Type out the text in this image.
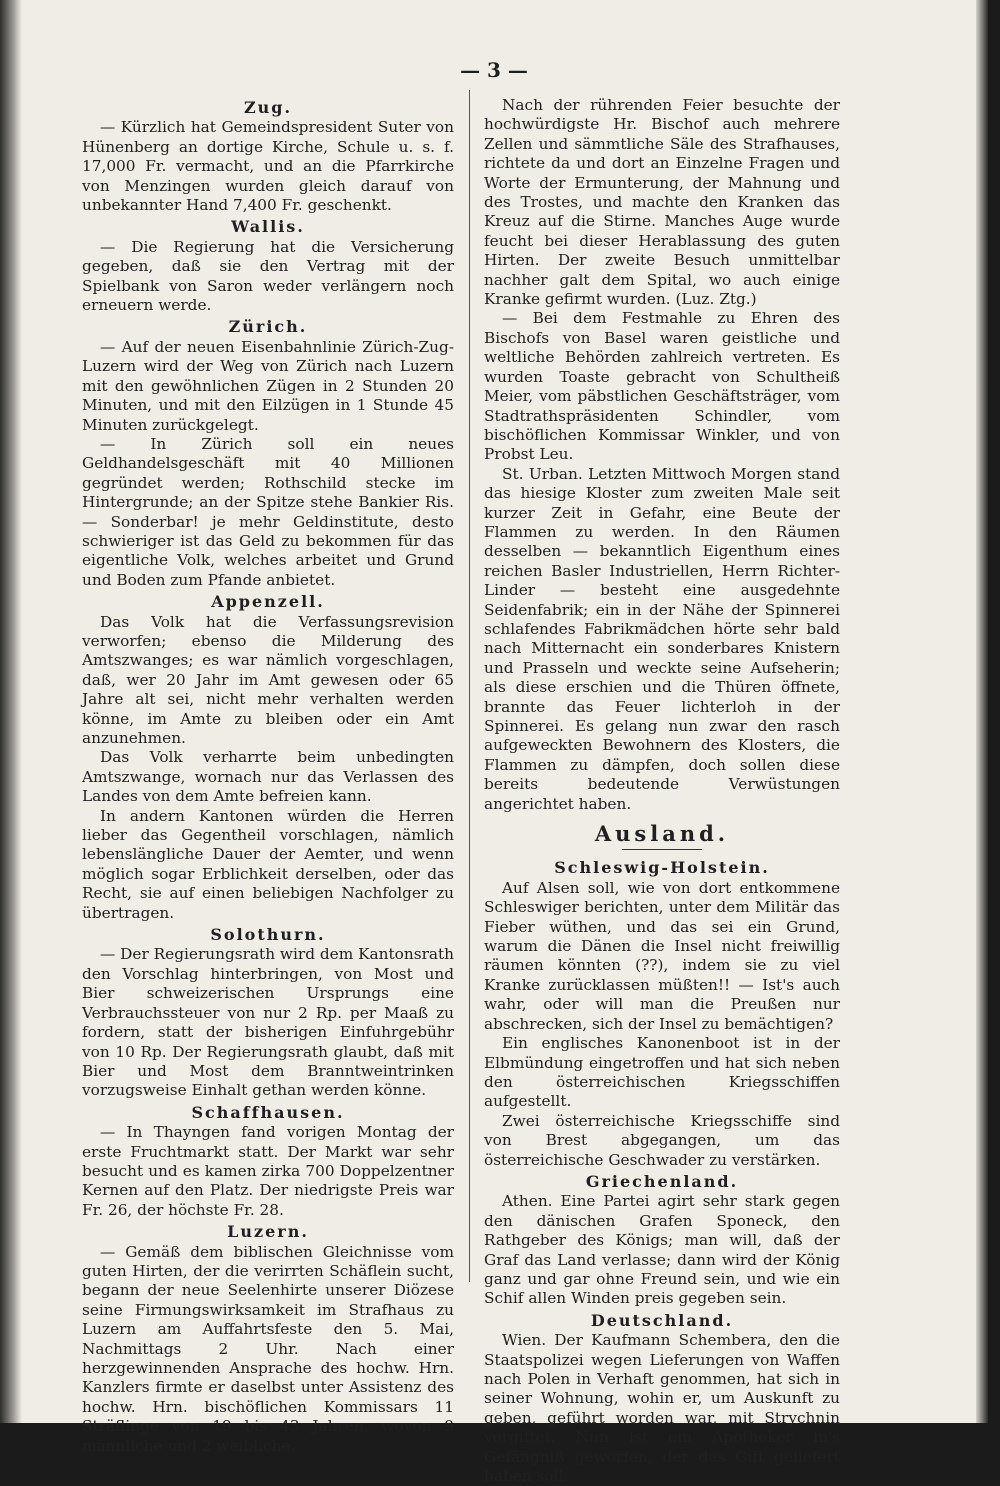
— 3 —
Zug.

— Kürzlich hat Gemeindspresident Suter von Hünenberg an dortige Kirche, Schule u. s. f. 17,000 Fr. vermacht, und an die Pfarrkirche von Menzingen wurden gleich darauf von unbekannter Hand 7,400 Fr. geschenkt.

Wallis.

— Die Regierung hat die Versicherung gegeben, daß sie den Vertrag mit der Spielbank von Saron weder verlängern noch erneuern werde.

Zürich.

— Auf der neuen Eisenbahnlinie Zürich-Zug-Luzern wird der Weg von Zürich nach Luzern mit den gewöhnlichen Zügen in 2 Stunden 20 Minuten, und mit den Eilzügen in 1 Stunde 45 Minuten zurückgelegt.

— In Zürich soll ein neues Geldhandelsgeschäft mit 40 Millionen gegründet werden; Rothschild stecke im Hintergrunde; an der Spitze stehe Bankier Ris. — Sonderbar! je mehr Geldinstitute, desto schwieriger ist das Geld zu bekommen für das eigentliche Volk, welches arbeitet und Grund und Boden zum Pfande anbietet.

Appenzell.

Das Volk hat die Verfassungsrevision verworfen; ebenso die Milderung des Amtszwanges; es war nämlich vorgeschlagen, daß, wer 20 Jahr im Amt gewesen oder 65 Jahre alt sei, nicht mehr verhalten werden könne, im Amte zu bleiben oder ein Amt anzunehmen.

Das Volk verharrte beim unbedingten Amtszwange, wornach nur das Verlassen des Landes von dem Amte befreien kann.

In andern Kantonen würden die Herren lieber das Gegentheil vorschlagen, nämlich lebenslängliche Dauer der Aemter, und wenn möglich sogar Erblichkeit derselben, oder das Recht, sie auf einen beliebigen Nachfolger zu übertragen.

Solothurn.

— Der Regierungsrath wird dem Kantonsrath den Vorschlag hinterbringen, von Most und Bier schweizerischen Ursprungs eine Verbrauchssteuer von nur 2 Rp. per Maaß zu fordern, statt der bisherigen Einfuhrgebühr von 10 Rp. Der Regierungsrath glaubt, daß mit Bier und Most dem Branntweintrinken vorzugsweise Einhalt gethan werden könne.

Schaffhausen.

— In Thayngen fand vorigen Montag der erste Fruchtmarkt statt. Der Markt war sehr besucht und es kamen zirka 700 Doppelzentner Kernen auf den Platz. Der niedrigste Preis war Fr. 26, der höchste Fr. 28.

Luzern.

— Gemäß dem biblischen Gleichnisse vom guten Hirten, der die verirrten Schäflein sucht, begann der neue Seelenhirte unserer Diözese seine Firmungswirksamkeit im Strafhaus zu Luzern am Auffahrtsfeste den 5. Mai, Nachmittags 2 Uhr. Nach einer herzgewinnenden Ansprache des hochw. Hrn. Kanzlers firmte er daselbst unter Assistenz des hochw. Hrn. bischöflichen Kommissars 11 Sträflinge von 19 bis 43 Jahren, wovon 9 männliche und 2 weibliche.

Nach der rührenden Feier besuchte der hochwürdigste Hr. Bischof auch mehrere Zellen und sämmtliche Säle des Strafhauses, richtete da und dort an Einzelne Fragen und Worte der Ermunterung, der Mahnung und des Trostes, und machte den Kranken das Kreuz auf die Stirne. Manches Auge wurde feucht bei dieser Herablassung des guten Hirten. Der zweite Besuch unmittelbar nachher galt dem Spital, wo auch einige Kranke gefirmt wurden. (Luz. Ztg.)

— Bei dem Festmahle zu Ehren des Bischofs von Basel waren geistliche und weltliche Behörden zahlreich vertreten. Es wurden Toaste gebracht von Schultheiß Meier, vom päbstlichen Geschäftsträger, vom Stadtrathspräsidenten Schindler, vom bischöflichen Kommissar Winkler, und von Probst Leu.

St. Urban. Letzten Mittwoch Morgen stand das hiesige Kloster zum zweiten Male seit kurzer Zeit in Gefahr, eine Beute der Flammen zu werden. In den Räumen desselben — bekanntlich Eigenthum eines reichen Basler Industriellen, Herrn Richter-Linder — besteht eine ausgedehnte Seidenfabrik; ein in der Nähe der Spinnerei schlafendes Fabrikmädchen hörte sehr bald nach Mitternacht ein sonderbares Knistern und Prasseln und weckte seine Aufseherin; als diese erschien und die Thüren öffnete, brannte das Feuer lichterloh in der Spinnerei. Es gelang nun zwar den rasch aufgeweckten Bewohnern des Klosters, die Flammen zu dämpfen, doch sollen diese bereits bedeutende Verwüstungen angerichtet haben.

Ausland.
Schleswig-Holstein.

Auf Alsen soll, wie von dort entkommene Schleswiger berichten, unter dem Militär das Fieber wüthen, und das sei ein Grund, warum die Dänen die Insel nicht freiwillig räumen könnten (??), indem sie zu viel Kranke zurücklassen müßten!! — Ist's auch wahr, oder will man die Preußen nur abschrecken, sich der Insel zu bemächtigen?

Ein englisches Kanonenboot ist in der Elbmündung eingetroffen und hat sich neben den österreichischen Kriegsschiffen aufgestellt.

Zwei österreichische Kriegsschiffe sind von Brest abgegangen, um das österreichische Geschwader zu verstärken.

Griechenland.

Athen. Eine Partei agirt sehr stark gegen den dänischen Grafen Sponeck, den Rathgeber des Königs; man will, daß der Graf das Land verlasse; dann wird der König ganz und gar ohne Freund sein, und wie ein Schif allen Winden preis gegeben sein.

Deutschland.

Wien. Der Kaufmann Schembera, den die Staatspolizei wegen Lieferungen von Waffen nach Polen in Verhaft genommen, hat sich in seiner Wohnung, wohin er, um Auskunft zu geben, geführt worden war, mit Strychnin vergiftet. Nun ist ein Apotheker in's Gefängniß geworfen, der das Gift geliefert haben soll.
